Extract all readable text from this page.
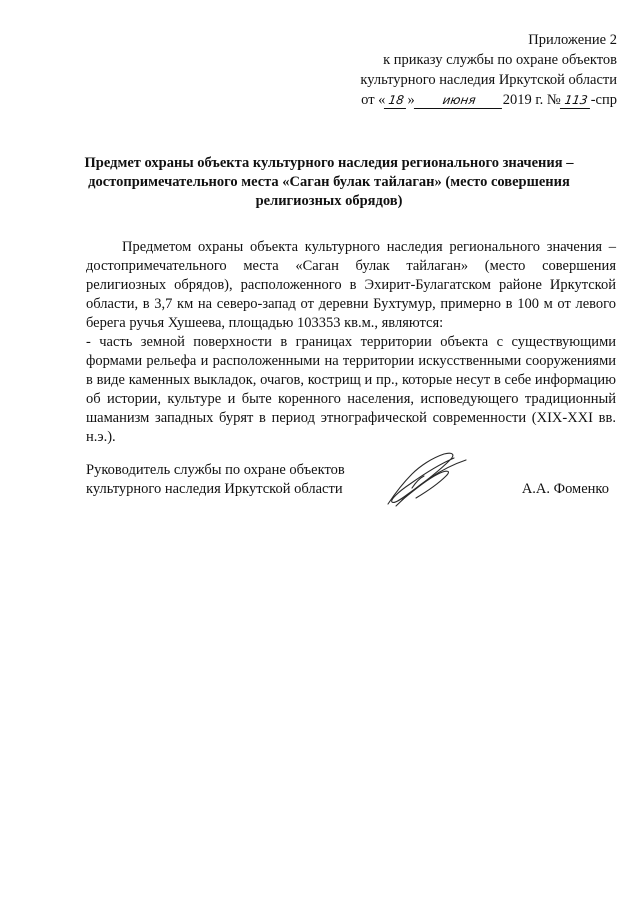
Приложение 2
к приказу службы по охране объектов
культурного наследия Иркутской области
от « 18 » июня 2019 г. № 113 -спр
Предмет охраны объекта культурного наследия регионального значения – достопримечательного места «Саган булак тайлаган» (место совершения религиозных обрядов)

Предметом охраны объекта культурного наследия регионального значения – достопримечательного места «Саган булак тайлаган» (место совершения религиозных обрядов), расположенного в Эхирит-Булагатском районе Иркутской области, в 3,7 км на северо-запад от деревни Бухтумур, примерно в 100 м от левого берега ручья Хушеева, площадью 103353 кв.м., являются:

- часть земной поверхности в границах территории объекта с существующими формами рельефа и расположенными на территории искусственными сооружениями в виде каменных выкладок, очагов, кострищ и пр., которые несут в себе информацию об истории, культуре и быте коренного населения, исповедующего традиционный шаманизм западных бурят в период этнографической современности (XIX-XXI вв. н.э.).

Руководитель службы по охране объектов
культурного наследия Иркутской области	А.А. Фоменко
